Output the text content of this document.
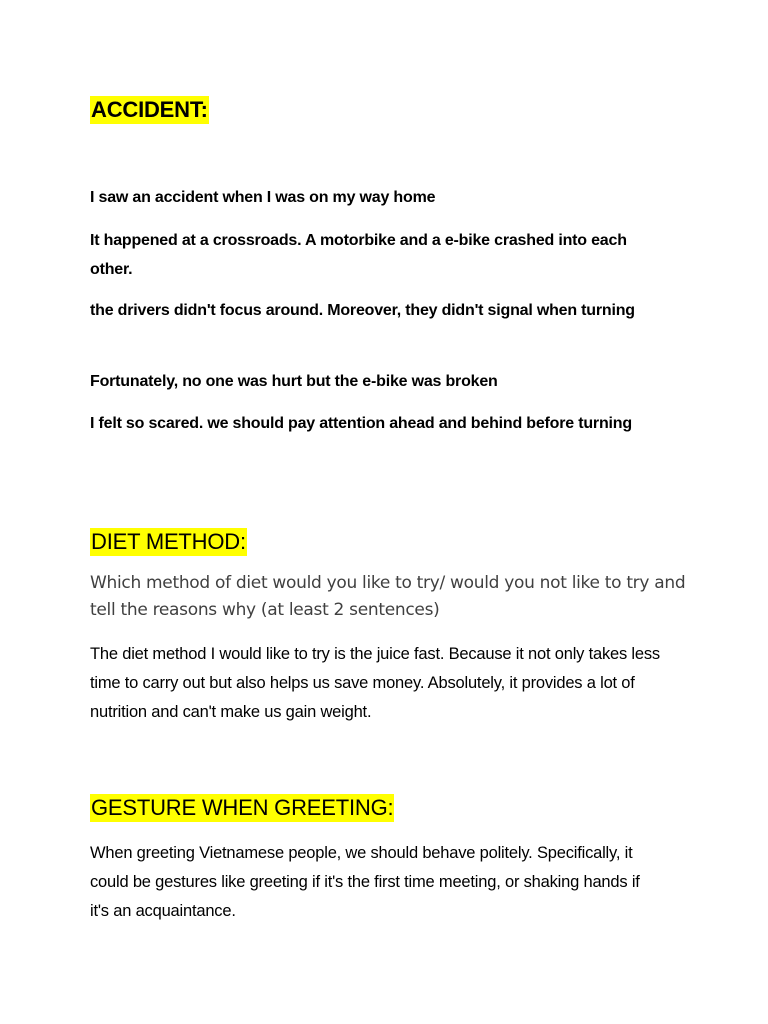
ACCIDENT:

I saw an accident when I was on my way home

It happened at a crossroads. A motorbike and a e-bike crashed into each other.

the drivers didn't focus around. Moreover, they didn't signal when turning

Fortunately, no one was hurt but the e-bike was broken

I felt so scared. we should pay attention ahead and behind before turning

DIET METHOD:

Which method of diet would you like to try/ would you not like to try and tell the reasons why (at least 2 sentences)

The diet method I would like to try is the juice fast. Because it not only takes less time to carry out but also helps us save money. Absolutely, it provides a lot of nutrition and can't make us gain weight.

GESTURE WHEN GREETING:

When greeting Vietnamese people, we should behave politely. Specifically, it could be gestures like greeting if it's the first time meeting, or shaking hands if it's an acquaintance.
